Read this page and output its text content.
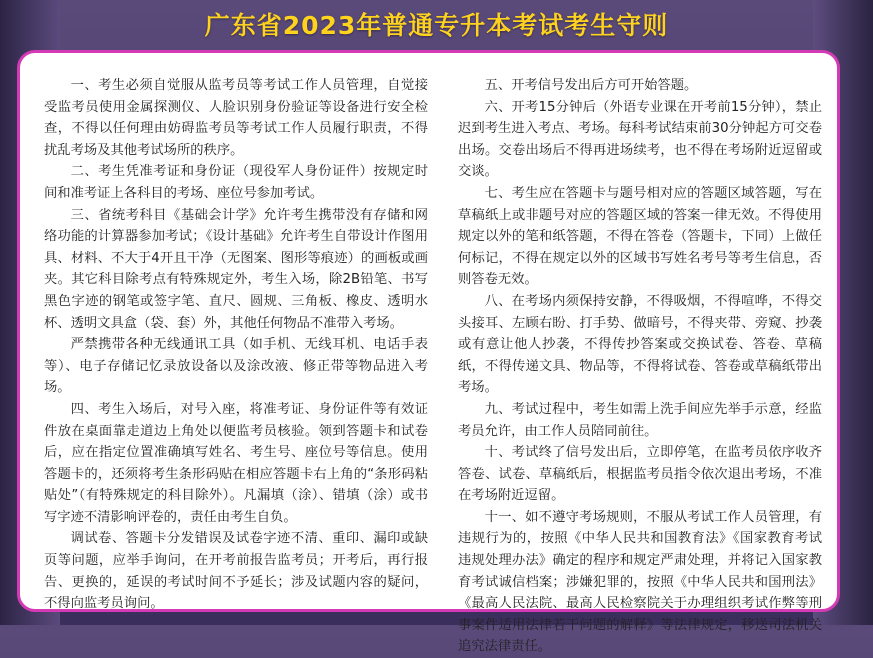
广东省2023年普通专升本考试考生守则

一、考生必须自觉服从监考员等考试工作人员管理，自觉接受监考员使用金属探测仪、人脸识别身份验证等设备进行安全检查，不得以任何理由妨碍监考员等考试工作人员履行职责，不得扰乱考场及其他考试场所的秩序。

二、考生凭准考证和身份证（现役军人身份证件）按规定时间和准考证上各科目的考场、座位号参加考试。

三、省统考科目《基础会计学》允许考生携带没有存储和网络功能的计算器参加考试；《设计基础》允许考生自带设计作图用具、材料、不大于4开且干净（无图案、图形等痕迹）的画板或画夹。其它科目除考点有特殊规定外，考生入场，除2B铅笔、书写黑色字迹的钢笔或签字笔、直尺、圆规、三角板、橡皮、透明水杯、透明文具盒（袋、套）外，其他任何物品不准带入考场。

严禁携带各种无线通讯工具（如手机、无线耳机、电话手表等）、电子存储记忆录放设备以及涂改液、修正带等物品进入考场。

四、考生入场后，对号入座，将准考证、身份证件等有效证件放在桌面靠走道边上角处以便监考员核验。领到答题卡和试卷后，应在指定位置准确填写姓名、考生号、座位号等信息。使用答题卡的，还须将考生条形码贴在相应答题卡右上角的“条形码粘贴处”（有特殊规定的科目除外）。凡漏填（涂）、错填（涂）或书写字迹不清影响评卷的，责任由考生自负。

调试卷、答题卡分发错误及试卷字迹不清、重印、漏印或缺页等问题，应举手询问，在开考前报告监考员；开考后，再行报告、更换的，延误的考试时间不予延长；涉及试题内容的疑问，不得向监考员询问。

五、开考信号发出后方可开始答题。

六、开考15分钟后（外语专业课在开考前15分钟），禁止迟到考生进入考点、考场。每科考试结束前30分钟起方可交卷出场。交卷出场后不得再进场续考，也不得在考场附近逗留或交谈。

七、考生应在答题卡与题号相对应的答题区域答题，写在草稿纸上或非题号对应的答题区域的答案一律无效。不得使用规定以外的笔和纸答题，不得在答卷（答题卡，下同）上做任何标记，不得在规定以外的区域书写姓名考号等考生信息，否则答卷无效。

八、在考场内须保持安静，不得吸烟，不得喧哗，不得交头接耳、左顾右盼、打手势、做暗号，不得夹带、旁窥、抄袭或有意让他人抄袭，不得传抄答案或交换试卷、答卷、草稿纸，不得传递文具、物品等，不得将试卷、答卷或草稿纸带出考场。

九、考试过程中，考生如需上洗手间应先举手示意，经监考员允许，由工作人员陪同前往。

十、考试终了信号发出后，立即停笔，在监考员依序收齐答卷、试卷、草稿纸后，根据监考员指令依次退出考场，不准在考场附近逗留。

十一、如不遵守考场规则，不服从考试工作人员管理，有违规行为的，按照《中华人民共和国教育法》《国家教育考试违规处理办法》确定的程序和规定严肃处理，并将记入国家教育考试诚信档案；涉嫌犯罪的，按照《中华人民共和国刑法》《最高人民法院、最高人民检察院关于办理组织考试作弊等刑事案件适用法律若干问题的解释》等法律规定，移送司法机关追究法律责任。
